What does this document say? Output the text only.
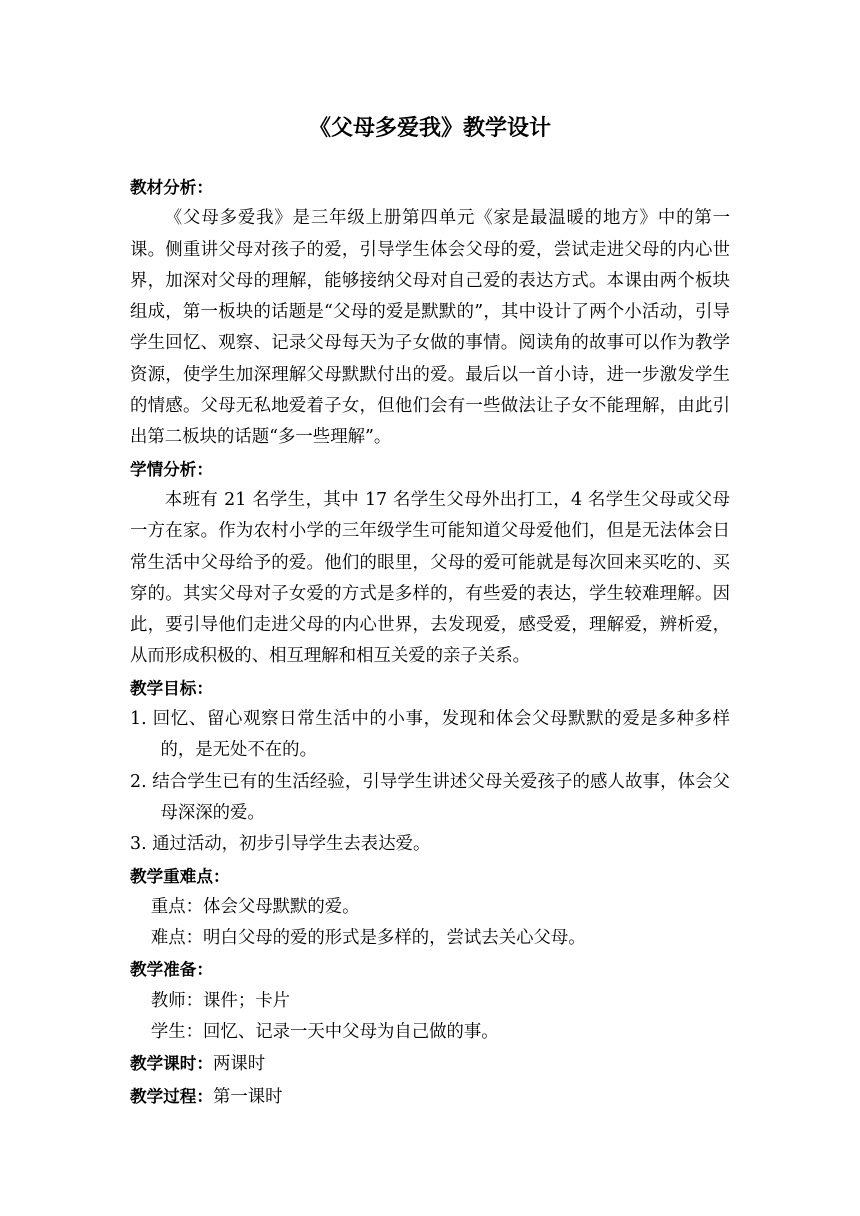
《父母多爱我》教学设计

教材分析：

《父母多爱我》是三年级上册第四单元《家是最温暖的地方》中的第一课。侧重讲父母对孩子的爱，引导学生体会父母的爱，尝试走进父母的内心世界，加深对父母的理解，能够接纳父母对自己爱的表达方式。本课由两个板块组成，第一板块的话题是“父母的爱是默默的”，其中设计了两个小活动，引导学生回忆、观察、记录父母每天为子女做的事情。阅读角的故事可以作为教学资源，使学生加深理解父母默默付出的爱。最后以一首小诗，进一步激发学生的情感。父母无私地爱着子女，但他们会有一些做法让子女不能理解，由此引出第二板块的话题“多一些理解”。

学情分析：

本班有 21 名学生，其中 17 名学生父母外出打工，4 名学生父母或父母一方在家。作为农村小学的三年级学生可能知道父母爱他们，但是无法体会日常生活中父母给予的爱。他们的眼里，父母的爱可能就是每次回来买吃的、买穿的。其实父母对子女爱的方式是多样的，有些爱的表达，学生较难理解。因此，要引导他们走进父母的内心世界，去发现爱，感受爱，理解爱，辨析爱，从而形成积极的、相互理解和相互关爱的亲子关系。

教学目标：

1. 回忆、留心观察日常生活中的小事，发现和体会父母默默的爱是多种多样的，是无处不在的。
2. 结合学生已有的生活经验，引导学生讲述父母关爱孩子的感人故事，体会父母深深的爱。
3. 通过活动，初步引导学生去表达爱。

教学重难点：

重点：体会父母默默的爱。

难点：明白父母的爱的形式是多样的，尝试去关心父母。

教学准备：

教师：课件；卡片

学生：回忆、记录一天中父母为自己做的事。

教学课时：两课时

教学过程：第一课时
